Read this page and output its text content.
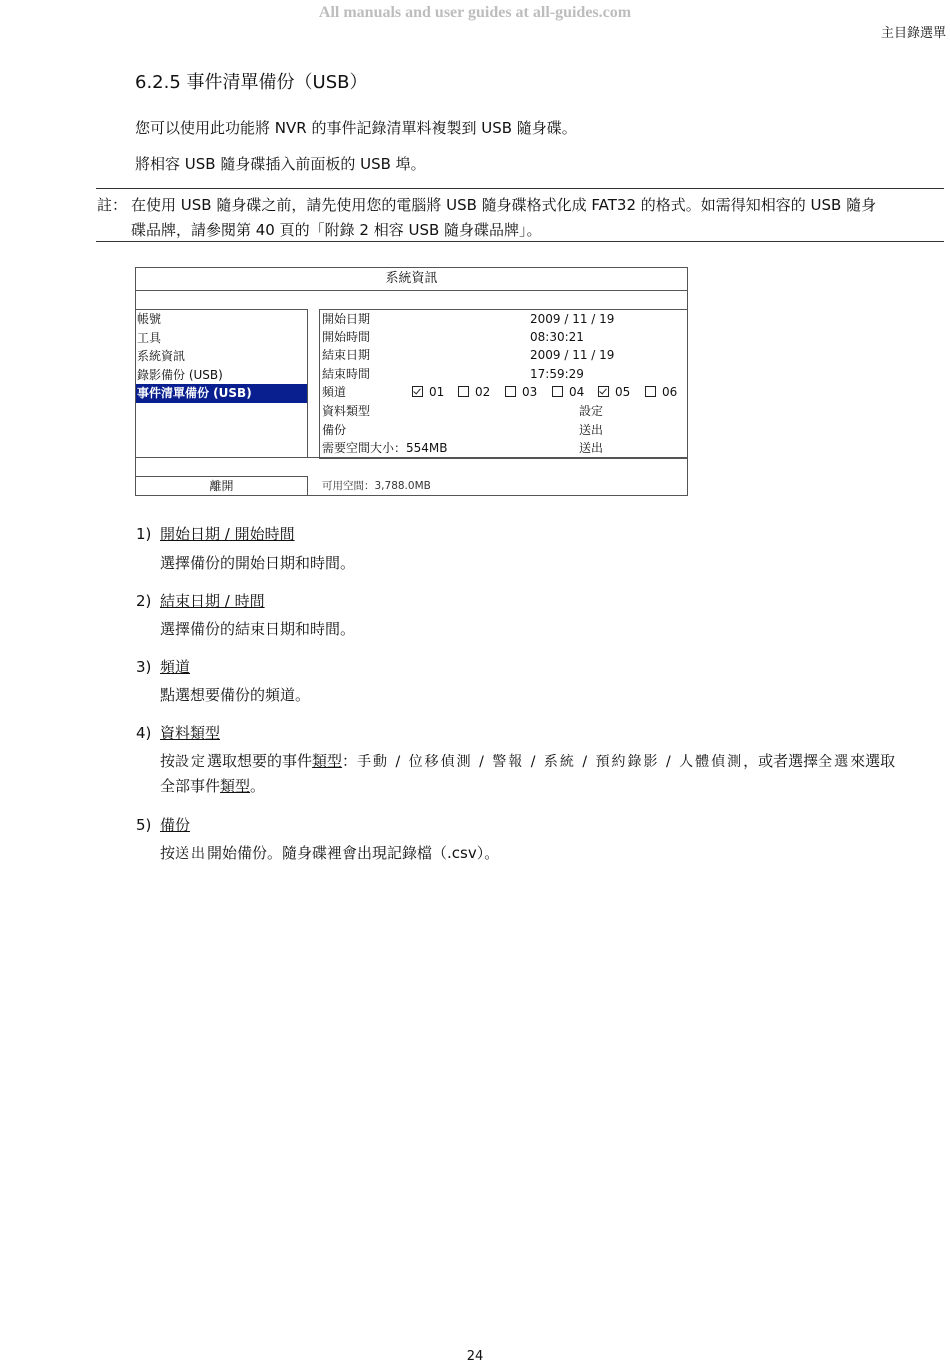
All manuals and user guides at all-guides.com
主目錄選單
6.2.5 事件清單備份（USB）
您可以使用此功能將 NVR 的事件記錄清單料複製到 USB 隨身碟。
將相容 USB 隨身碟插入前面板的 USB 埠。
註： 在使用 USB 隨身碟之前，請先使用您的電腦將 USB 隨身碟格式化成 FAT32 的格式。如需得知相容的 USB 隨身
碟品牌，請參閱第 40 頁的「附錄 2 相容 USB 隨身碟品牌」。
系統資訊
帳號
工具
系統資訊
錄影備份 (USB)
事件清單備份 (USB)
開始日期	2009 / 11 / 19
開始時間	08:30:21
結束日期	2009 / 11 / 19
結束時間	17:59:29
頻道	01	02	03	04	05	06
資料類型	設定
備份	送出
需要空間大小：554MB	送出
離開	可用空間：3,788.0MB
1) 開始日期 / 開始時間
選擇備份的開始日期和時間。
2) 結束日期 / 時間
選擇備份的結束日期和時間。
3) 頻道
點選想要備份的頻道。
4) 資料類型
按設定選取想要的事件類型：手動 / 位移偵測 / 警報 / 系統 / 預約錄影 / 人體偵測，或者選擇全選來選取
全部事件類型。
5) 備份
按送出開始備份。隨身碟裡會出現記錄檔（.csv）。
24
